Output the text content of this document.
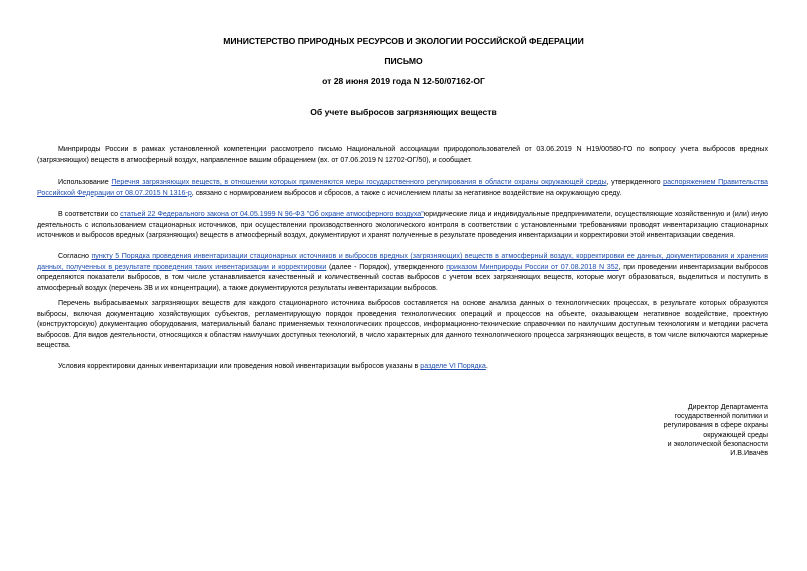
МИНИСТЕРСТВО ПРИРОДНЫХ РЕСУРСОВ И ЭКОЛОГИИ РОССИЙСКОЙ ФЕДЕРАЦИИ
ПИСЬМО
от 28 июня 2019 года N 12-50/07162-ОГ
Об учете выбросов загрязняющих веществ

Минприроды России в рамках установленной компетенции рассмотрело письмо Национальной ассоциации природопользователей от 03.06.2019 N Н19/00580-ГО по вопросу учета выбросов вредных (загрязняющих) веществ в атмосферный воздух, направленное вашим обращением (вх. от 07.06.2019 N 12702-ОГ/50), и сообщает.

Использование Перечня загрязняющих веществ, в отношении которых применяются меры государственного регулирования в области охраны окружающей среды, утвержденного распоряжением Правительства Российской Федерации от 08.07.2015 N 1316-р, связано с нормированием выбросов и сбросов, а также с исчислением платы за негативное воздействие на окружающую среду.

В соответствии со статьей 22 Федерального закона от 04.05.1999 N 96-ФЗ "Об охране атмосферного воздуха"юридические лица и индивидуальные предприниматели, осуществляющие хозяйственную и (или) иную деятельность с использованием стационарных источников, при осуществлении производственного экологического контроля в соответствии с установленными требованиями проводят инвентаризацию стационарных источников и выбросов вредных (загрязняющих) веществ в атмосферный воздух, документируют и хранят полученные в результате проведения инвентаризации и корректировки этой инвентаризации сведения.

Согласно пункту 5 Порядка проведения инвентаризации стационарных источников и выбросов вредных (загрязняющих) веществ в атмосферный воздух, корректировки ее данных, документирования и хранения данных, полученных в результате проведения таких инвентаризации и корректировки (далее - Порядок), утвержденного приказом Минприроды России от 07.08.2018 N 352, при проведении инвентаризации выбросов определяются показатели выбросов, в том числе устанавливается качественный и количественный состав выбросов с учетом всех загрязняющих веществ, которые могут образоваться, выделиться и поступить в атмосферный воздух (перечень ЗВ и их концентрации), а также документируются результаты инвентаризации выбросов.

Перечень выбрасываемых загрязняющих веществ для каждого стационарного источника выбросов составляется на основе анализа данных о технологических процессах, в результате которых образуются выбросы, включая документацию хозяйствующих субъектов, регламентирующую порядок проведения технологических операций и процессов на объекте, оказывающем негативное воздействие, проектную (конструкторскую) документацию оборудования, материальный баланс применяемых технологических процессов, информационно-технические справочники по наилучшим доступным технологиям и методики расчета выбросов. Для видов деятельности, относящихся к областям наилучших доступных технологий, в число характерных для данного технологического процесса загрязняющих веществ, в том числе включаются маркерные вещества.

Условия корректировки данных инвентаризации или проведения новой инвентаризации выбросов указаны в разделе VI Порядка.

Директор Департамента
государственной политики и
регулирования в сфере охраны
окружающей среды
и экологической безопасности
И.В.Ивачёв
